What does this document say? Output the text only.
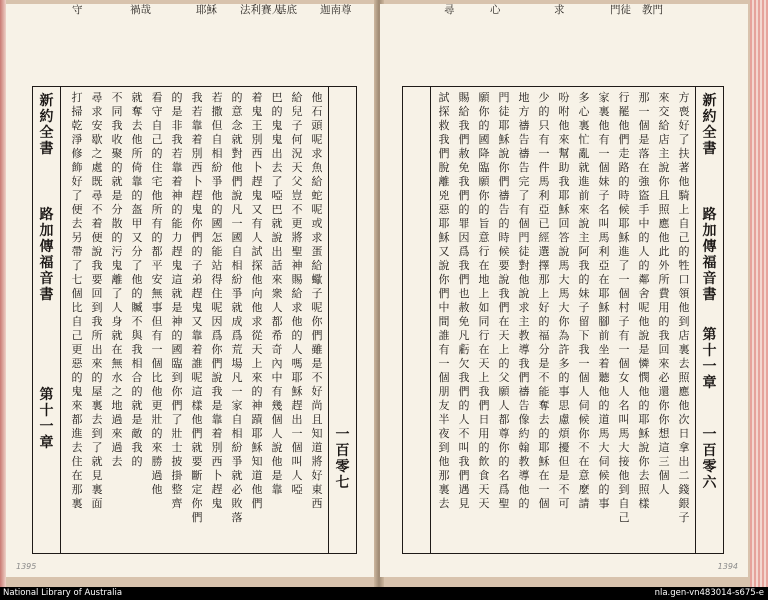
迦南尊
基底
法利賽人
耶穌
禍哉
守
新約全書
路加傳福音書
第十一章	一百零七
他石頭呢求魚給蛇呢或求蛋給蠍子呢你們雖是不好尚且知道將好東西
給兒子何況天父豈不更將聖神賜給求他的人嗎耶穌趕出一個叫人啞
巴的鬼鬼出去了啞巴就說出話來衆人都希奇內中有幾個人說他是靠
着鬼王別西卜趕鬼又有人試探他向他求從天上來的神蹟耶穌知道他們
的意念就對他們說凡一國自相紛爭就成爲荒場凡一家自相紛爭就必敗落
若撒但自相紛爭他的國怎能站得住呢因爲你們說我是靠着別西卜趕鬼
我若靠着別西卜趕鬼你們的子弟趕鬼又靠着誰呢這樣他們就要斷定你們
的是非我若靠着神的能力趕鬼這就是神的國臨到你們了壯士披掛整齊
看守自己的住宅他所有的都平安無事但有一個比他更壯的來勝過他
就奪去他所倚靠的盔甲又分了他的贓不與我相合的就是敵我的
不同我收聚的就是分散的污鬼離了人身就在無水之地過來過去
尋求安歇之處既尋不着便說我要回到我所出來的屋裏去到了就見裏面
打掃乾淨修飾好了便去另帶了七個比自己更惡的鬼來都進去住在那裏
1395
教門
門徒
求
心
尋
新約全書
路加傳福音書
第十一章
一百零六
方喪好了扶著他騎上自己的牲口領他到店裏去照應他次日拿出二錢銀子
來交給店主說你且照應他此外所費用的我回來必還你你想這三個人
那一個是落在強盜手中的人的鄰舍呢他說是憐憫他的耶穌說你去照樣
行罷他們走路的時候耶穌進了一個村子有一個女人名叫馬大接他到自己
家裏他有一個妹子名叫馬利亞在耶穌腳前坐着聽他的道馬大伺候的事
多心裏忙亂就進前來說主阿我的妹子留下我一個人伺候你不在意麼請
吩咐他來幫助我耶穌回答說馬大馬大你為許多的事思慮煩擾但是不可
少的只有一件馬利亞已經選擇那上好的福分是不能奪去的耶穌在一個
地方禱告禱告完了有個門徒對他說求主教導我們禱告像約翰教導他的
門徒耶穌說你們禱告的時候要說我們在天上的父願人都尊你的名爲聖
願你的國降臨願你的旨意行在地上如同行在天上我們日用的飲食天天
賜給我們赦免我們的罪因爲我們也赦免凡虧欠我們的人不叫我們遇見
試探救我們脫離兇惡耶穌又說你們中間誰有一個朋友半夜到他那裏去
1394
National Library of Australia	nla.gen-vn483014-s675-e
